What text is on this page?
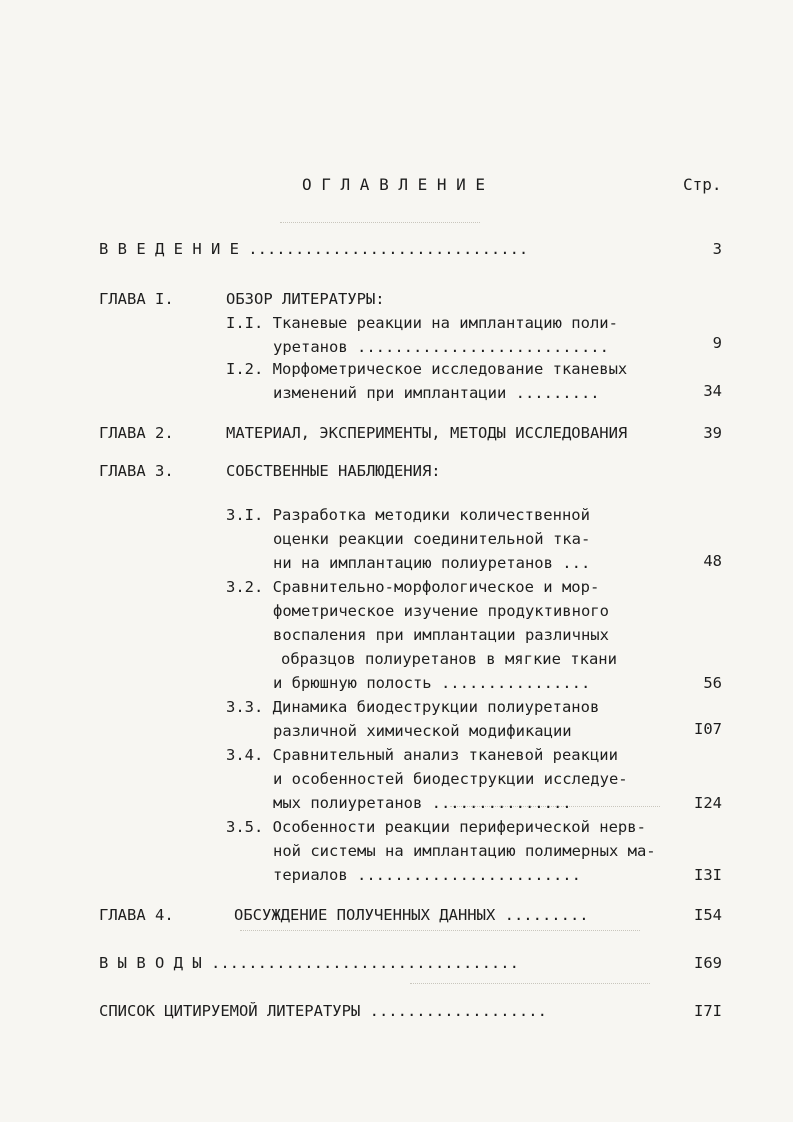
О Г Л А В Л Е Н И Е	Стр.
В В Е Д Е Н И Е ..............................	3
ГЛАВА I.	ОБЗОР ЛИТЕРАТУРЫ:
I.I. Тканевые реакции на имплантацию поли-
уретанов ...........................	9
I.2. Морфометрическое исследование тканевых
изменений при имплантации .........	34
ГЛАВА 2.	МАТЕРИАЛ, ЭКСПЕРИМЕНТЫ, МЕТОДЫ ИССЛЕДОВАНИЯ	39
ГЛАВА 3.	СОБСТВЕННЫЕ НАБЛЮДЕНИЯ:
3.I. Разработка методики количественной
оценки реакции соединительной тка-
ни на имплантацию полиуретанов ...	48
3.2. Сравнительно-морфологическое и мор-
фометрическое изучение продуктивного
воспаления при имплантации различных
образцов полиуретанов в мягкие ткани
и брюшную полость ................	56
3.3. Динамика биодеструкции полиуретанов
различной химической модификации	I07
3.4. Сравнительный анализ тканевой реакции
и особенностей биодеструкции исследуе-
мых полиуретанов ...............	I24
3.5. Особенности реакции периферической нерв-
ной системы на имплантацию полимерных ма-
териалов ........................	I3I
ГЛАВА 4.	ОБСУЖДЕНИЕ ПОЛУЧЕННЫХ ДАННЫХ .........	I54
В Ы В О Д Ы .................................	I69
СПИСОК ЦИТИРУЕМОЙ ЛИТЕРАТУРЫ ...................	I7I
